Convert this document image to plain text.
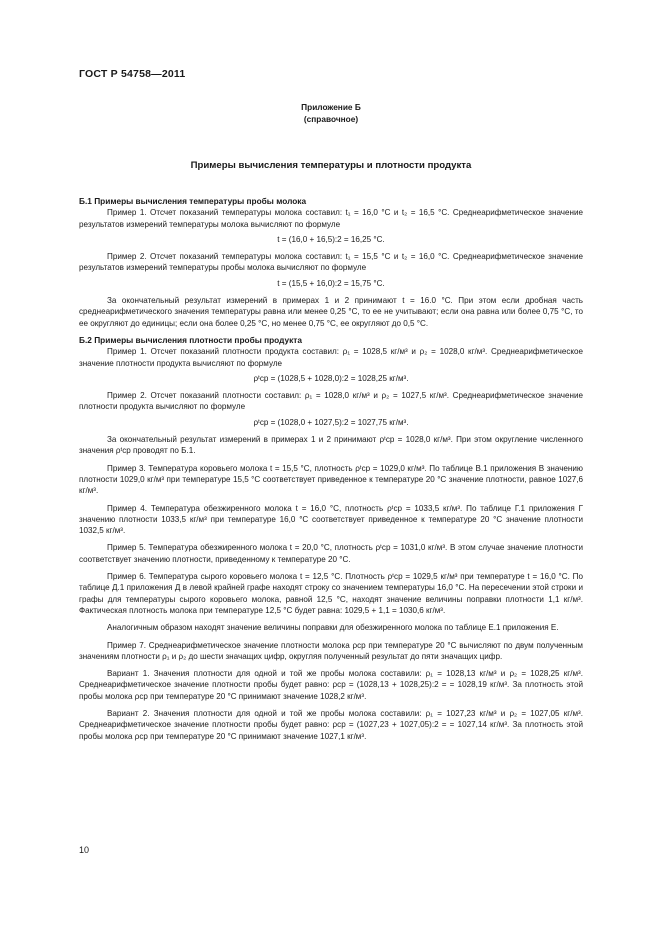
ГОСТ Р 54758—2011
Приложение Б
(справочное)
Примеры вычисления температуры и плотности продукта

Б.1 Примеры вычисления температуры пробы молока

Пример 1. Отсчет показаний температуры молока составил: t₁ = 16,0 °С и t₂ = 16,5 °С. Среднеарифметическое значение результатов измерений температуры молока вычисляют по формуле

t = (16,0 + 16,5):2 = 16,25 °С.

Пример 2. Отсчет показаний температуры молока составил: t₁ = 15,5 °С и t₂ = 16,0 °С. Среднеарифметическое значение результатов измерений температуры пробы молока вычисляют по формуле

t = (15,5 + 16,0):2 = 15,75 °С.

За окончательный результат измерений в примерах 1 и 2 принимают t = 16.0 °С. При этом если дробная часть среднеарифметического значения температуры равна или менее 0,25 °С, то ее не учитывают; если она равна или более 0,75 °С, то ее округляют до единицы; если она более 0,25 °С, но менее 0,75 °С, ее округляют до 0,5 °С.

Б.2 Примеры вычисления плотности пробы продукта

Пример 1. Отсчет показаний плотности продукта составил: ρ₁ = 1028,5 кг/м³ и ρ₂ = 1028,0 кг/м³. Среднеарифметическое значение плотности продукта вычисляют по формуле

ρᵗср = (1028,5 + 1028,0):2 = 1028,25 кг/м³.

Пример 2. Отсчет показаний плотности составил: ρ₁ = 1028,0 кг/м³ и ρ₂ = 1027,5 кг/м³. Среднеарифметическое значение плотности продукта вычисляют по формуле

ρᵗср = (1028,0 + 1027,5):2 = 1027,75 кг/м³.

За окончательный результат измерений в примерах 1 и 2 принимают ρᵗср = 1028,0 кг/м³. При этом округление численного значения ρᵗср проводят по Б.1.

Пример 3. Температура коровьего молока t = 15,5 °С, плотность ρᵗср = 1029,0 кг/м³. По таблице В.1 приложения В значению плотности 1029,0 кг/м³ при температуре 15,5 °С соответствует приведенное к температуре 20 °С значение плотности, равное 1027,6 кг/м³.

Пример 4. Температура обезжиренного молока t = 16,0 °С, плотность ρᵗср = 1033,5 кг/м³. По таблице Г.1 приложения Г значению плотности 1033,5 кг/м³ при температуре 16,0 °С соответствует приведенное к температуре 20 °С значение плотности 1032,5 кг/м³.

Пример 5. Температура обезжиренного молока t = 20,0 °С, плотность ρᵗср = 1031,0 кг/м³. В этом случае значение плотности соответствует значению плотности, приведенному к температуре 20 °С.

Пример 6. Температура сырого коровьего молока t = 12,5 °С. Плотность ρᵗср = 1029,5 кг/м³ при температуре t = 16,0 °С. По таблице Д.1 приложения Д в левой крайней графе находят строку со значением температуры 16,0 °С. На пересечении этой строки и графы для температуры сырого коровьего молока, равной 12,5 °С, находят значение величины поправки плотности 1,1 кг/м³. Фактическая плотность молока при температуре 12,5 °С будет равна: 1029,5 + 1,1 = 1030,6 кг/м³.

Аналогичным образом находят значение величины поправки для обезжиренного молока по таблице Е.1 приложения Е.

Пример 7. Среднеарифметическое значение плотности молока ρср при температуре 20 °С вычисляют по двум полученным значениям плотности ρ₁ и ρ₂ до шести значащих цифр, округляя полученный результат до пяти значащих цифр.

Вариант 1. Значения плотности для одной и той же пробы молока составили: ρ₁ = 1028,13 кг/м³ и ρ₂ = 1028,25 кг/м³. Среднеарифметическое значение плотности пробы будет равно: ρср = (1028,13 + 1028,25):2 = = 1028,19 кг/м³. За плотность этой пробы молока ρср при температуре 20 °С принимают значение 1028,2 кг/м³.

Вариант 2. Значения плотности для одной и той же пробы молока составили: ρ₁ = 1027,23 кг/м³ и ρ₂ = 1027,05 кг/м³. Среднеарифметическое значение плотности пробы будет равно: ρср = (1027,23 + 1027,05):2 = = 1027,14 кг/м³. За плотность этой пробы молока ρср при температуре 20 °С принимают значение 1027,1 кг/м³.

10
